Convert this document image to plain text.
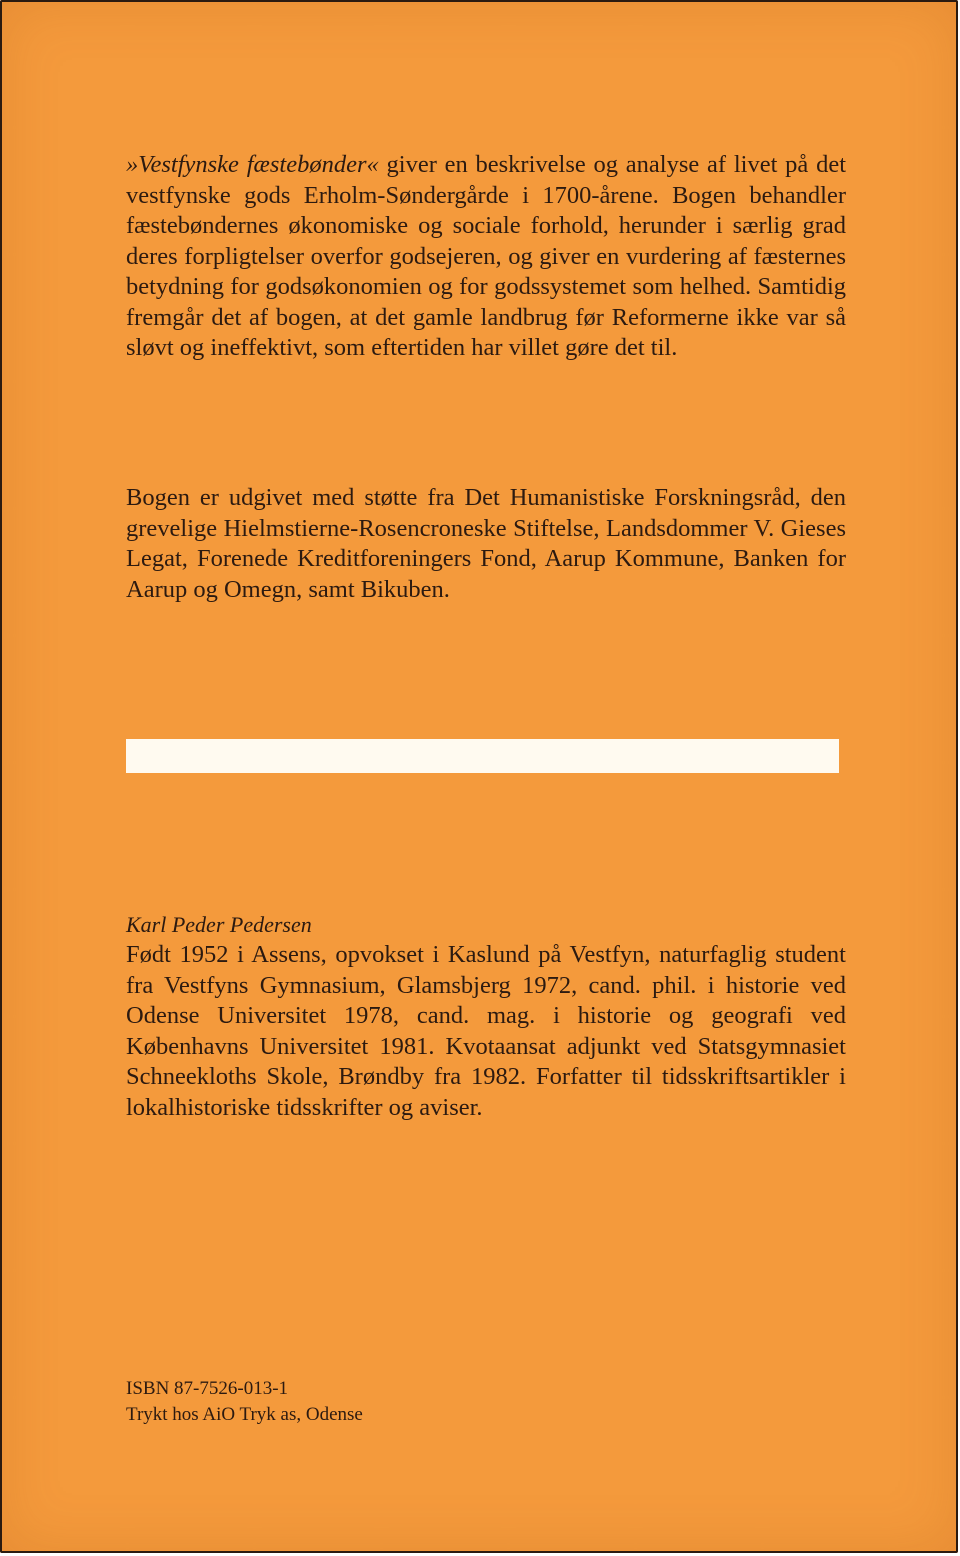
»Vestfynske fæstebønder« giver en beskrivelse og analyse af livet på det vestfynske gods Erholm-Søndergårde i 1700-årene. Bogen behandler fæstebøndernes økonomiske og sociale forhold, herunder i særlig grad deres forpligtelser overfor godsejeren, og giver en vurdering af fæsternes betydning for godsøkonomien og for godssystemet som helhed. Samtidig fremgår det af bogen, at det gamle landbrug før Reformerne ikke var så sløvt og ineffektivt, som eftertiden har villet gøre det til.

Bogen er udgivet med støtte fra Det Humanistiske Forskningsråd, den grevelige Hielmstierne-Rosencroneske Stiftelse, Landsdommer V. Gieses Legat, Forenede Kreditforeningers Fond, Aarup Kommune, Banken for Aarup og Omegn, samt Bikuben.

Karl Peder Pedersen

Født 1952 i Assens, opvokset i Kaslund på Vestfyn, naturfaglig student fra Vestfyns Gymnasium, Glamsbjerg 1972, cand. phil. i historie ved Odense Universitet 1978, cand. mag. i historie og geografi ved Københavns Universitet 1981. Kvotaansat adjunkt ved Statsgymnasiet Schneekloths Skole, Brøndby fra 1982. Forfatter til tidsskriftsartikler i lokalhistoriske tidsskrifter og aviser.

ISBN 87-7526-013-1
Trykt hos AiO Tryk as, Odense
